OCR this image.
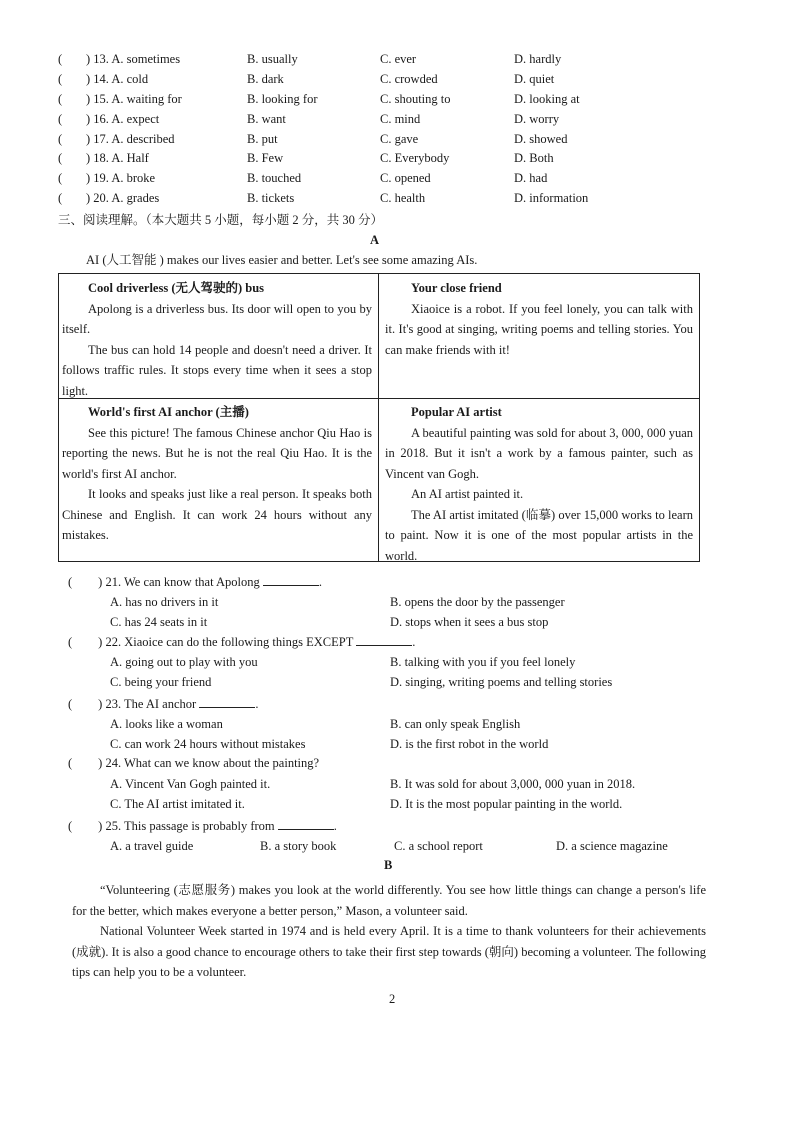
( ) 13. A. sometimes	B. usually	C. ever	D. hardly
( ) 14. A. cold	B. dark	C. crowded	D. quiet
( ) 15. A. waiting for	B. looking for	C. shouting to	D. looking at
( ) 16. A. expect	B. want	C. mind	D. worry
( ) 17. A. described	B. put	C. gave	D. showed
( ) 18. A. Half	B. Few	C. Everybody	D. Both
( ) 19. A. broke	B. touched	C. opened	D. had
( ) 20. A. grades	B. tickets	C. health	D. information
三、阅读理解。（本大题共 5 小题，每小题 2 分，共 30 分）
A
AI (人工智能 ) makes our lives easier and better. Let's see some amazing AIs.
Cool driverless (无人驾驶的) bus

Apolong is a driverless bus. Its door will open to you by itself.

The bus can hold 14 people and doesn't need a driver. It follows traffic rules. It stops every time when it sees a stop light.

Your close friend

Xiaoice is a robot. If you feel lonely, you can talk with it. It's good at singing, writing poems and telling stories. You can make friends with it!

World's first AI anchor (主播)

See this picture! The famous Chinese anchor Qiu Hao is reporting the news. But he is not the real Qiu Hao. It is the world's first AI anchor.

It looks and speaks just like a real person. It speaks both Chinese and English. It can work 24 hours without any mistakes.

Popular AI artist

A beautiful painting was sold for about 3, 000, 000 yuan in 2018. But it isn't a work by a famous painter, such as Vincent van Gogh.

An AI artist painted it.

The AI artist imitated (临摹) over 15,000 works to learn to paint. Now it is one of the most popular artists in the world.

( ) 21. We can know that Apolong	.
A. has no drivers in it	B. opens the door by the passenger
C. has 24 seats in it	D. stops when it sees a bus stop
( ) 22. Xiaoice can do the following things EXCEPT	.
A. going out to play with you	B. talking with you if you feel lonely
C. being your friend	D. singing, writing poems and telling stories
( ) 23. The AI anchor	.
A. looks like a woman	B. can only speak English
C. can work 24 hours without mistakes	D. is the first robot in the world
( ) 24. What can we know about the painting?
A. Vincent Van Gogh painted it.	B. It was sold for about 3,000, 000 yuan in 2018.
C. The AI artist imitated it.	D. It is the most popular painting in the world.
( ) 25. This passage is probably from	.
A. a travel guide	B. a story book	C. a school report	D. a science magazine
B
“Volunteering (志愿服务) makes you look at the world differently. You see how little things can change a person's life for the better, which makes everyone a better person,” Mason, a volunteer said.
National Volunteer Week started in 1974 and is held every April. It is a time to thank volunteers for their achievements (成就). It is also a good chance to encourage others to take their first step towards (朝向) becoming a volunteer. The following tips can help you to be a volunteer.
2
